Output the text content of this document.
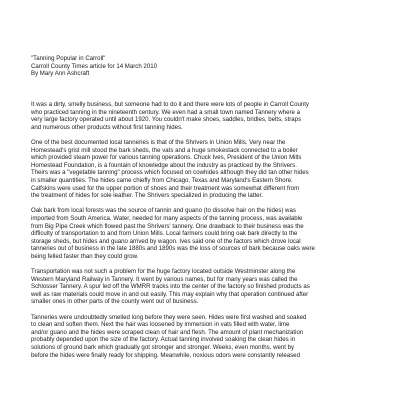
"Tanning Popular in Carroll"
Carroll County Times article for 14 March 2010
By Mary Ann Ashcraft
It was a dirty, smelly business, but someone had to do it and there were lots of people in Carroll County
who practiced tanning in the nineteenth century. We even had a small town named Tannery where a
very large factory operated until about 1920. You couldn't make shoes, saddles, bridles, belts, straps
and numerous other products without first tanning hides.
One of the best documented local tanneries is that of the Shrivers in Union Mills. Very near the
Homestead's grist mill stood the bark sheds, the vats and a huge smokestack connected to a boiler
which provided steam power for various tanning operations. Chuck Ives, President of the Union Mills
Homestead Foundation, is a fountain of knowledge about the industry as practiced by the Shrivers.
Theirs was a "vegetable tanning" process which focused on cowhides although they did tan other hides
in smaller quantities. The hides came chiefly from Chicago, Texas and Maryland's Eastern Shore.
Calfskins were used for the upper portion of shoes and their treatment was somewhat different from
the treatment of hides for sole leather. The Shrivers specialized in producing the latter.
Oak bark from local forests was the source of tannin and guano (to dissolve hair on the hides) was
imported from South America. Water, needed for many aspects of the tanning process, was available
from Big Pipe Creek which flowed past the Shrivers' tannery. One drawback to their business was the
difficulty of transportation to and from Union Mills. Local farmers could bring oak bark directly to the
storage sheds, but hides and guano arrived by wagon. Ives said one of the factors which drove local
tanneries out of business in the late 1880s and 1890s was the loss of sources of bark because oaks were
being felled faster than they could grow.
Transportation was not such a problem for the huge factory located outside Westminster along the
Western Maryland Railway in Tannery. It went by various names, but for many years was called the
Schlosser Tannery. A spur led off the WMRR tracks into the center of the factory so finished products as
well as raw materials could move in and out easily. This may explain why that operation continued after
smaller ones in other parts of the county went out of business.
Tanneries were undoubtedly smelled long before they were seen. Hides were first washed and soaked
to clean and soften them. Next the hair was loosened by immersion in vats filled with water, lime
and/or guano and the hides were scraped clean of hair and flesh. The amount of plant mechanization
probably depended upon the size of the factory. Actual tanning involved soaking the clean hides in
solutions of ground bark which gradually got stronger and stronger. Weeks, even months, went by
before the hides were finally ready for shipping. Meanwhile, noxious odors were constantly released
